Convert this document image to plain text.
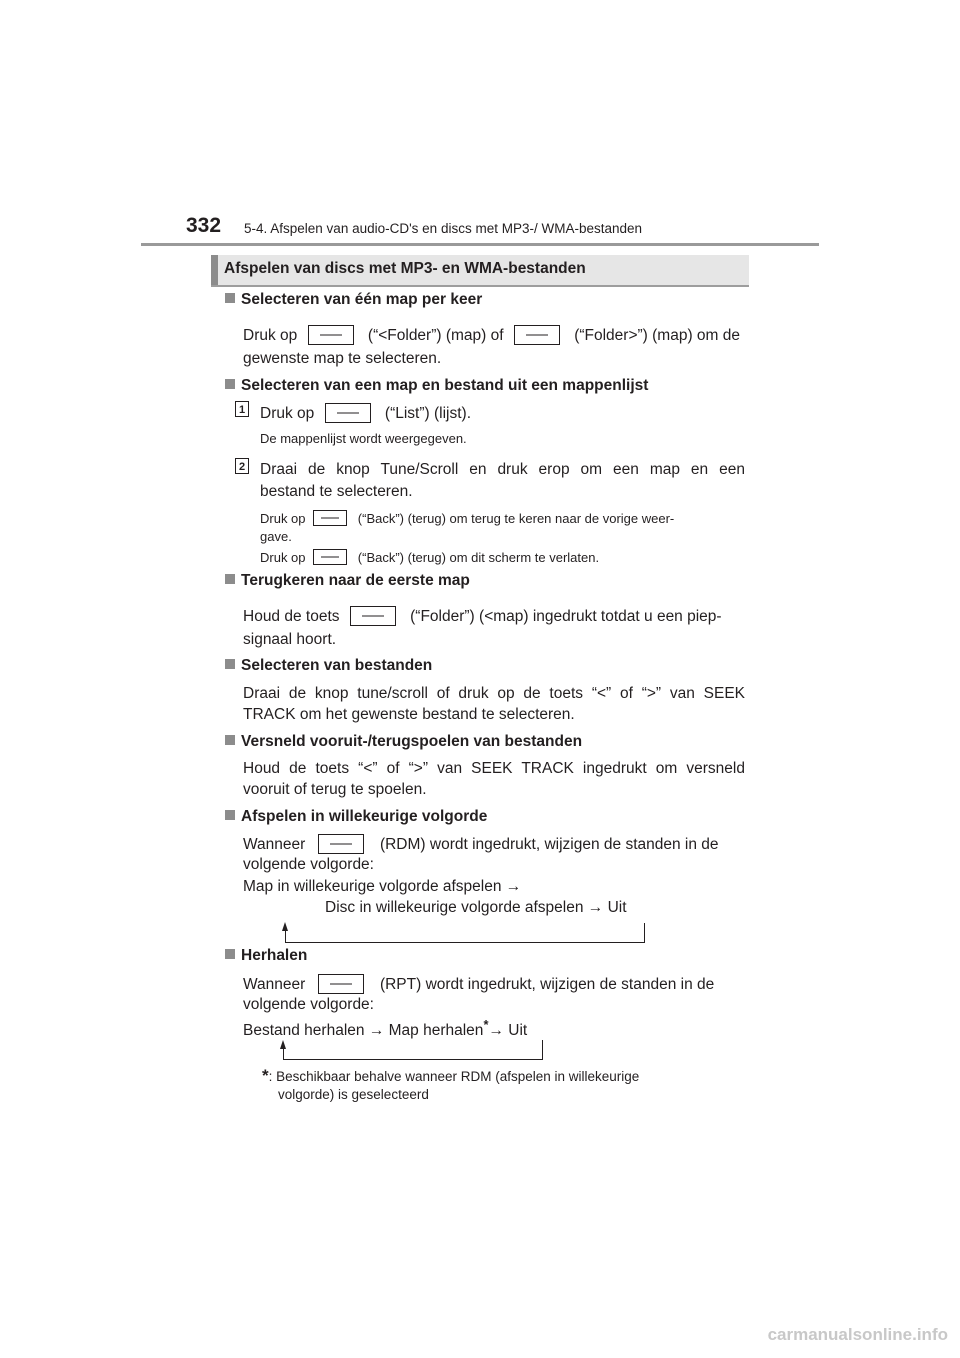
332 5-4. Afspelen van audio-CD's en discs met MP3-/ WMA-bestanden
Afspelen van discs met MP3- en WMA-bestanden
Selecteren van één map per keer
Druk op	(“<Folder”) (map) of	(“Folder>”) (map) om de
gewenste map te selecteren.
Selecteren van een map en bestand uit een mappenlijst
1 Druk op	(“List”) (lijst).
De mappenlijst wordt weergegeven.
2 Draai de knop Tune/Scroll en druk erop om een map en een
bestand te selecteren.
Druk op	(“Back”) (terug) om terug te keren naar de vorige weer-
gave.
Druk op	(“Back”) (terug) om dit scherm te verlaten.
Terugkeren naar de eerste map
Houd de toets	(“Folder”) (<map) ingedrukt totdat u een piep-
signaal hoort.
Selecteren van bestanden
Draai de knop tune/scroll of druk op de toets “<” of “>” van SEEK
TRACK om het gewenste bestand te selecteren.
Versneld vooruit-/terugspoelen van bestanden
Houd de toets “<” of “>” van SEEK TRACK ingedrukt om versneld
vooruit of terug te spoelen.
Afspelen in willekeurige volgorde
Wanneer	(RDM) wordt ingedrukt, wijzigen de standen in de
volgende volgorde:
Map in willekeurige volgorde afspelen →
Disc in willekeurige volgorde afspelen → Uit
Herhalen
Wanneer	(RPT) wordt ingedrukt, wijzigen de standen in de
volgende volgorde:
Bestand herhalen → Map herhalen*→ Uit
*: Beschikbaar behalve wanneer RDM (afspelen in willekeurige
volgorde) is geselecteerd
carmanualsonline.info
